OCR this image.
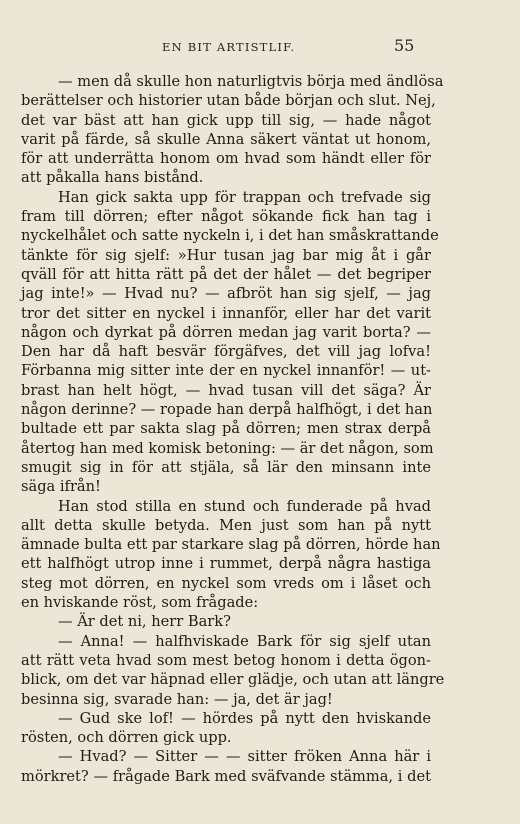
EN BIT ARTISTLIF.	55
— men då skulle hon naturligtvis börja med ändlösa
berättelser och historier utan både början och slut. Nej,
det var bäst att han gick upp till sig, — hade något
varit på färde, så skulle Anna säkert väntat ut honom,
för att underrätta honom om hvad som händt eller för
att påkalla hans bistånd.
Han gick sakta upp för trappan och trefvade sig
fram till dörren; efter något sökande fick han tag i
nyckelhålet och satte nyckeln i, i det han småskrattande
tänkte för sig sjelf: »Hur tusan jag bar mig åt i går
qväll för att hitta rätt på det der hålet — det begriper
jag inte!» — Hvad nu? — afbröt han sig sjelf, — jag
tror det sitter en nyckel i innanför, eller har det varit
någon och dyrkat på dörren medan jag varit borta? —
Den har då haft besvär förgäfves, det vill jag lofva!
Förbanna mig sitter inte der en nyckel innanför! — ut-
brast han helt högt, — hvad tusan vill det säga? Är
någon derinne? — ropade han derpå halfhögt, i det han
bultade ett par sakta slag på dörren; men strax derpå
återtog han med komisk betoning: — är det någon, som
smugit sig in för att stjäla, så lär den minsann inte
säga ifrån!
Han stod stilla en stund och funderade på hvad
allt detta skulle betyda. Men just som han på nytt
ämnade bulta ett par starkare slag på dörren, hörde han
ett halfhögt utrop inne i rummet, derpå några hastiga
steg mot dörren, en nyckel som vreds om i låset och
en hviskande röst, som frågade:
— Är det ni, herr Bark?
— Anna! — halfhviskade Bark för sig sjelf utan
att rätt veta hvad som mest betog honom i detta ögon-
blick, om det var häpnad eller glädje, och utan att längre
besinna sig, svarade han: — ja, det är jag!
— Gud ske lof! — hördes på nytt den hviskande
rösten, och dörren gick upp.
— Hvad? — Sitter — — sitter fröken Anna här i
mörkret? — frågade Bark med sväfvande stämma, i det
